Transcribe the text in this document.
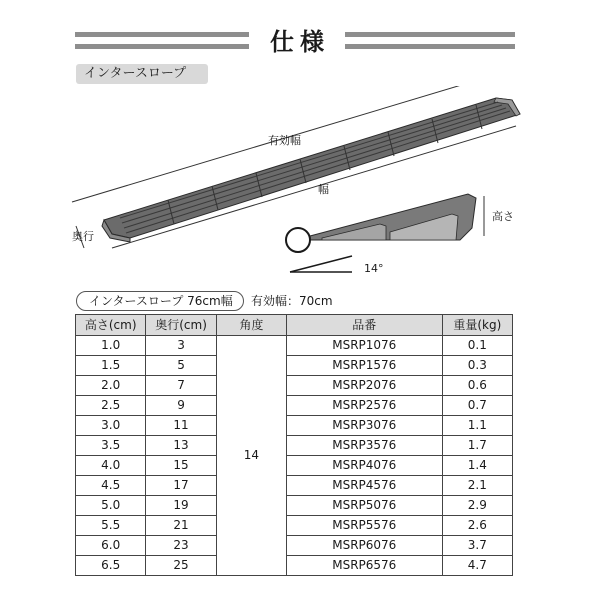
仕様
インタースロープ
有効幅
幅
奥行
14°
高さ
インタースロープ 76cm幅	有効幅：70cm
高さ(cm)	奥行(cm)	角度	品番	重量(kg)
1.0	3	14	MSRP1076	0.1
1.5	5		MSRP1576	0.3
2.0	7		MSRP2076	0.6
2.5	9		MSRP2576	0.7
3.0	11		MSRP3076	1.1
3.5	13		MSRP3576	1.7
4.0	15		MSRP4076	1.4
4.5	17		MSRP4576	2.1
5.0	19		MSRP5076	2.9
5.5	21		MSRP5576	2.6
6.0	23		MSRP6076	3.7
6.5	25		MSRP6576	4.7
